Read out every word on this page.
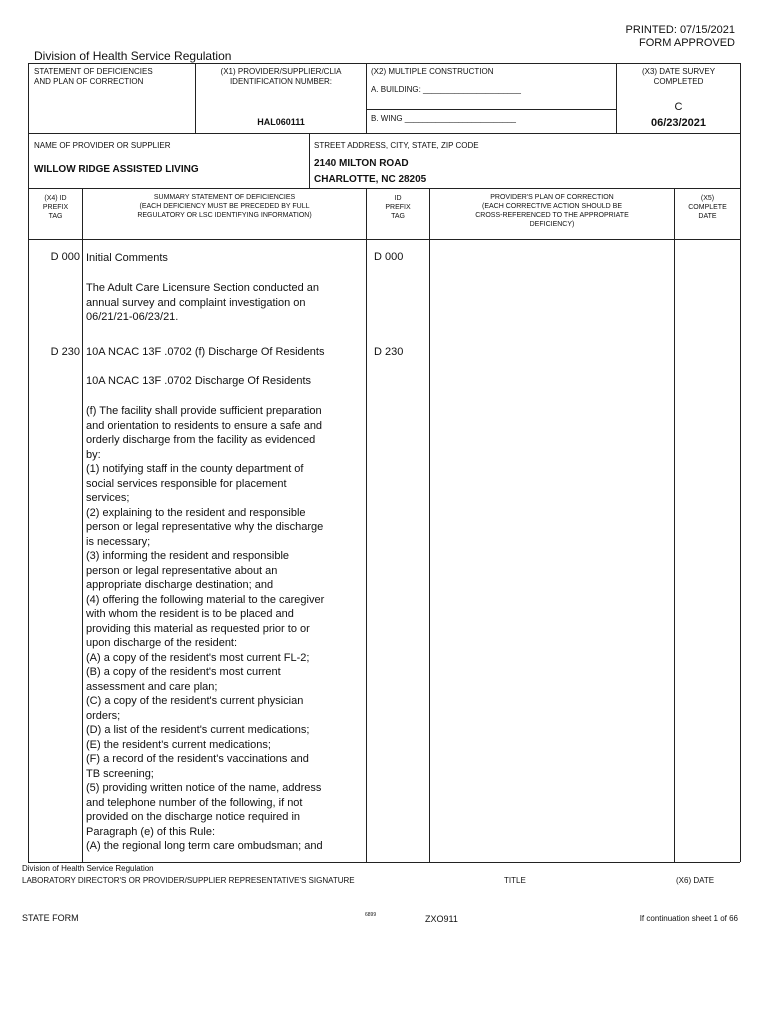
PRINTED: 07/15/2021
FORM APPROVED
Division of Health Service Regulation
STATEMENT OF DEFICIENCIES
AND PLAN OF CORRECTION
(X1) PROVIDER/SUPPLIER/CLIA
IDENTIFICATION NUMBER:
HAL060111
(X2) MULTIPLE CONSTRUCTION
A. BUILDING: ______________________
B. WING _________________________
(X3) DATE SURVEY
COMPLETED
C
06/23/2021
NAME OF PROVIDER OR SUPPLIER
WILLOW RIDGE ASSISTED LIVING
STREET ADDRESS, CITY, STATE, ZIP CODE
2140 MILTON ROAD
CHARLOTTE, NC 28205
(X4) ID
PREFIX
TAG
SUMMARY STATEMENT OF DEFICIENCIES
(EACH DEFICIENCY MUST BE PRECEDED BY FULL
REGULATORY OR LSC IDENTIFYING INFORMATION)
ID
PREFIX
TAG
PROVIDER'S PLAN OF CORRECTION
(EACH CORRECTIVE ACTION SHOULD BE
CROSS-REFERENCED TO THE APPROPRIATE
DEFICIENCY)
(X5)
COMPLETE
DATE
D 000 Initial Comments	D 000
The Adult Care Licensure Section conducted an
annual survey and complaint investigation on
06/21/21-06/23/21.
D 230 10A NCAC 13F .0702 (f) Discharge Of Residents	D 230
10A NCAC 13F .0702 Discharge Of Residents
(f) The facility shall provide sufficient preparation
and orientation to residents to ensure a safe and
orderly discharge from the facility as evidenced
by:
(1) notifying staff in the county department of
social services responsible for placement
services;
(2) explaining to the resident and responsible
person or legal representative why the discharge
is necessary;
(3) informing the resident and responsible
person or legal representative about an
appropriate discharge destination; and
(4) offering the following material to the caregiver
with whom the resident is to be placed and
providing this material as requested prior to or
upon discharge of the resident:
(A) a copy of the resident's most current FL-2;
(B) a copy of the resident's most current
assessment and care plan;
(C) a copy of the resident's current physician
orders;
(D) a list of the resident's current medications;
(E) the resident's current medications;
(F) a record of the resident's vaccinations and
TB screening;
(5) providing written notice of the name, address
and telephone number of the following, if not
provided on the discharge notice required in
Paragraph (e) of this Rule:
(A) the regional long term care ombudsman; and
Division of Health Service Regulation
LABORATORY DIRECTOR'S OR PROVIDER/SUPPLIER REPRESENTATIVE'S SIGNATURE	TITLE	(X6) DATE
STATE FORM	6899	ZXO911	If continuation sheet 1 of 66
